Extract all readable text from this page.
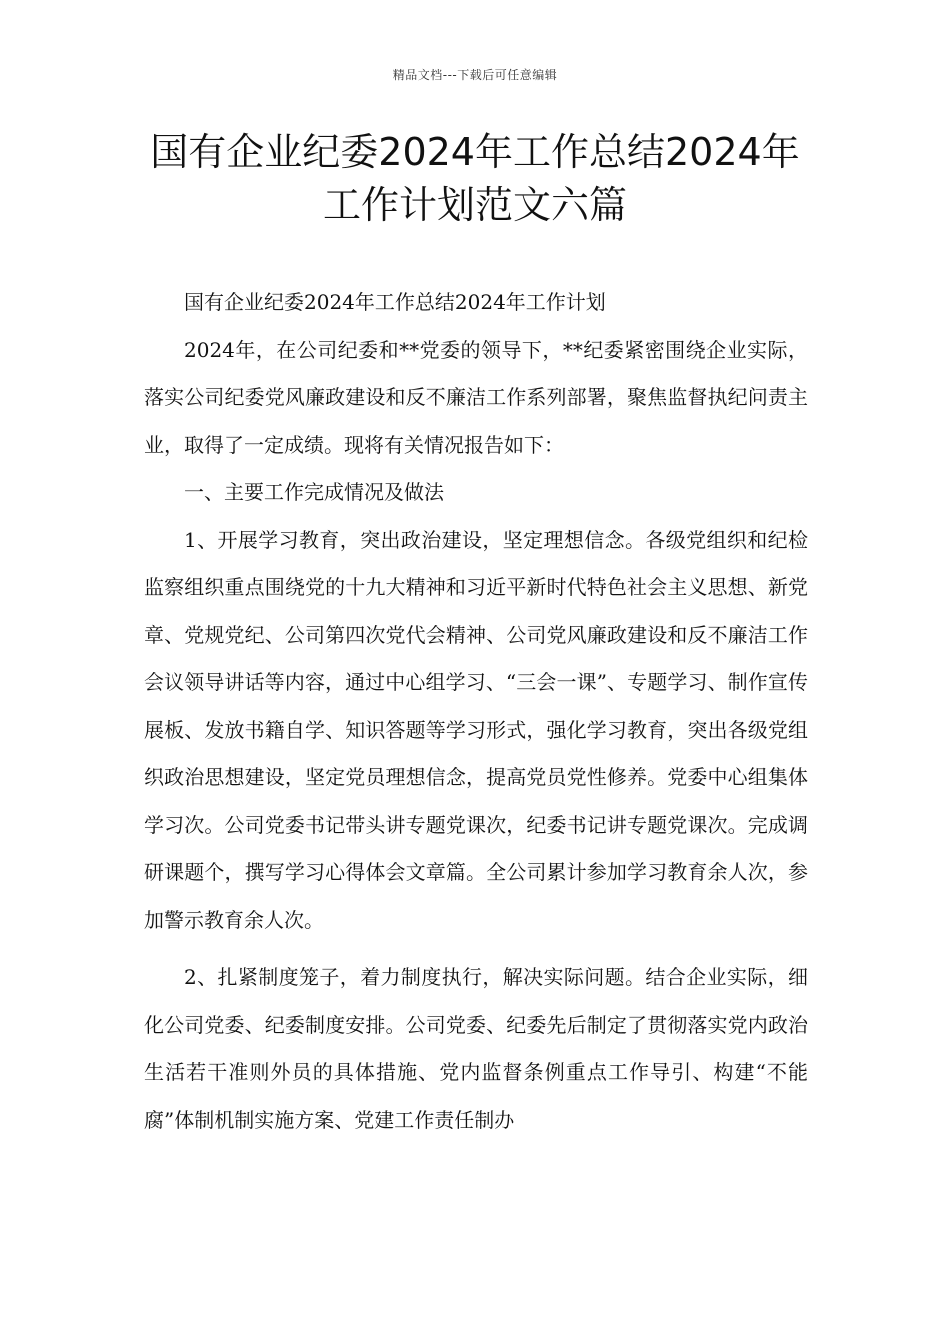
精品文档---下载后可任意编辑
国有企业纪委2024年工作总结2024年
工作计划范文六篇

国有企业纪委2024年工作总结2024年工作计划

2024年，在公司纪委和**党委的领导下，**纪委紧密围绕企业实际，落实公司纪委党风廉政建设和反不廉洁工作系列部署，聚焦监督执纪问责主业，取得了一定成绩。现将有关情况报告如下：

一、主要工作完成情况及做法

1、开展学习教育，突出政治建设，坚定理想信念。各级党组织和纪检监察组织重点围绕党的十九大精神和习近平新时代特色社会主义思想、新党章、党规党纪、公司第四次党代会精神、公司党风廉政建设和反不廉洁工作会议领导讲话等内容，通过中心组学习、“三会一课”、专题学习、制作宣传展板、发放书籍自学、知识答题等学习形式，强化学习教育，突出各级党组织政治思想建设，坚定党员理想信念，提高党员党性修养。党委中心组集体学习次。公司党委书记带头讲专题党课次，纪委书记讲专题党课次。完成调研课题个，撰写学习心得体会文章篇。全公司累计参加学习教育余人次，参加警示教育余人次。

2、扎紧制度笼子，着力制度执行，解决实际问题。结合企业实际，细化公司党委、纪委制度安排。公司党委、纪委先后制定了贯彻落实党内政治生活若干准则外员的具体措施、党内监督条例重点工作导引、构建“不能腐”体制机制实施方案、党建工作责任制办
